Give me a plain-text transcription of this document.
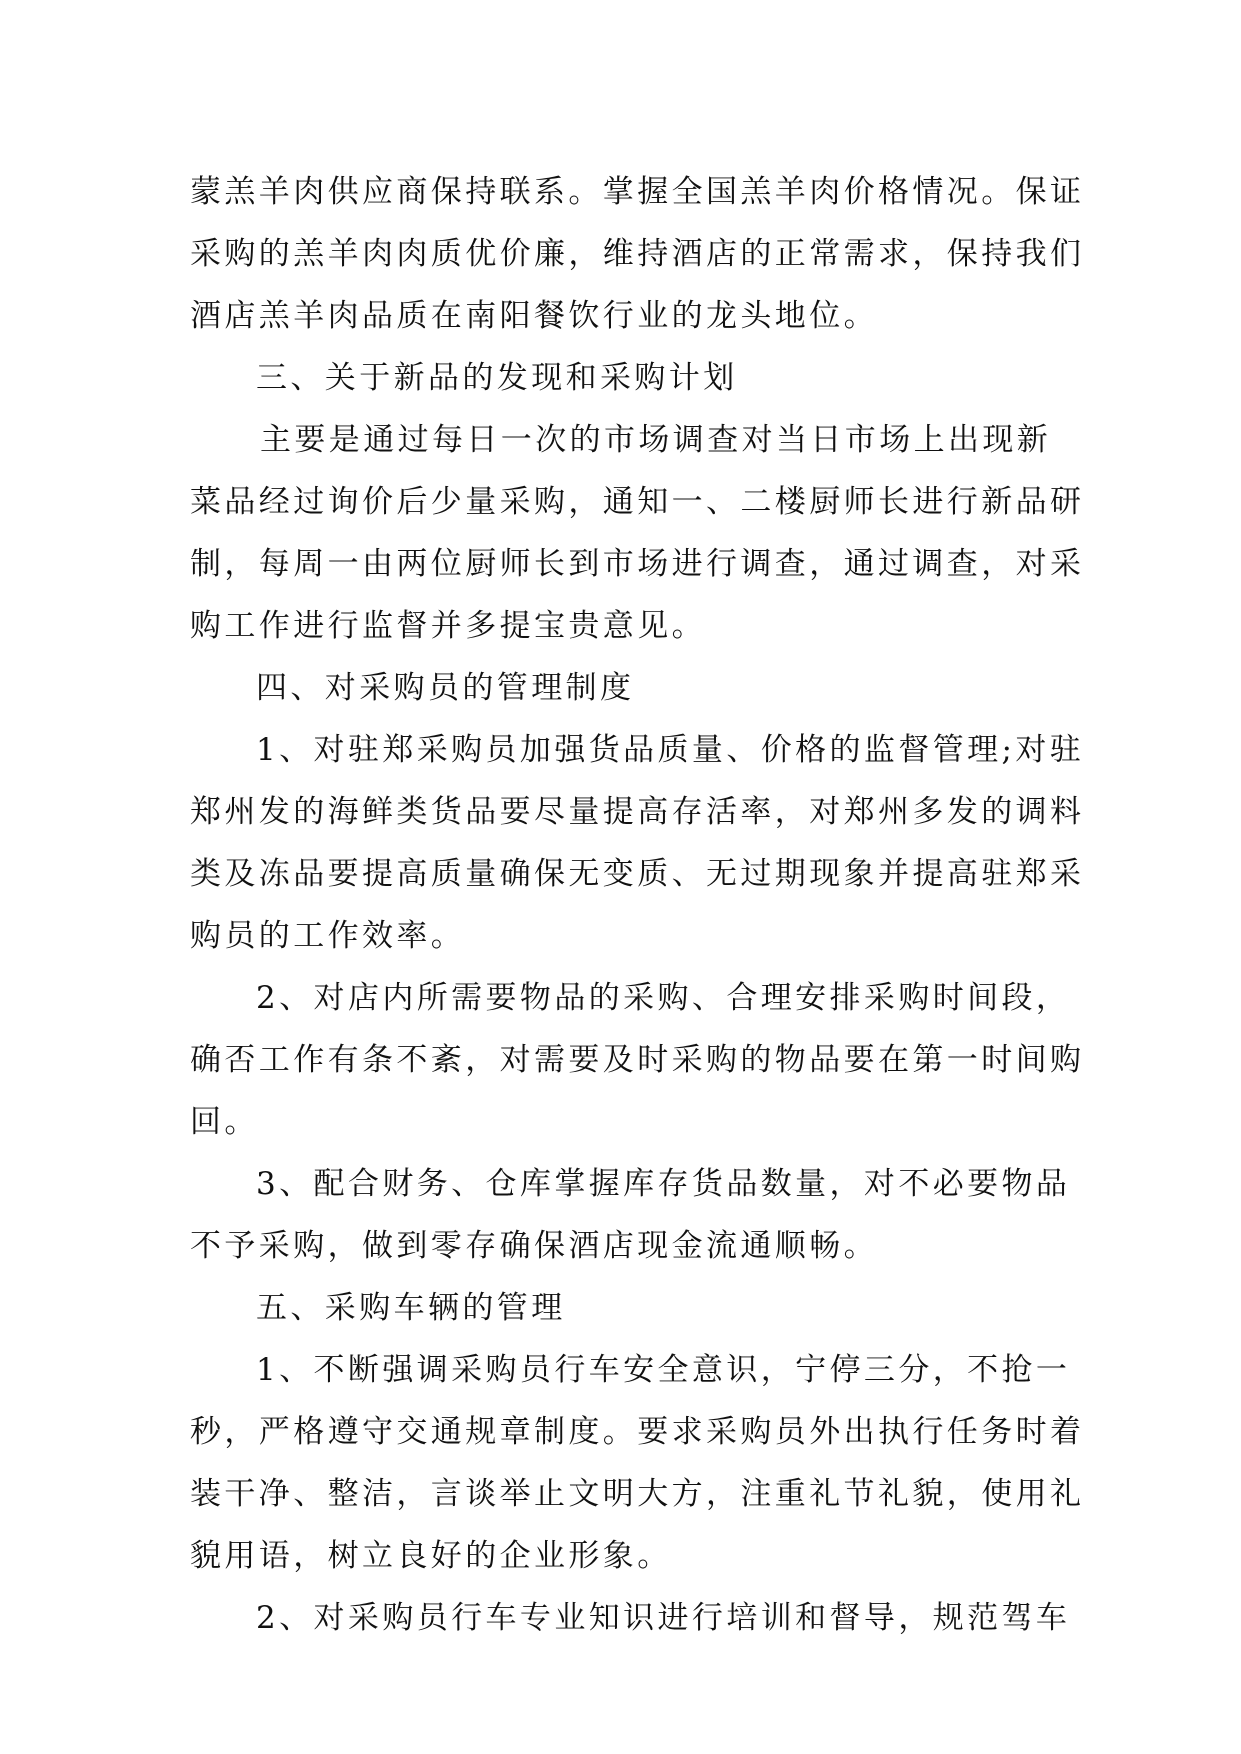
蒙羔羊肉供应商保持联系。掌握全国羔羊肉价格情况。保证
采购的羔羊肉肉质优价廉，维持酒店的正常需求，保持我们
酒店羔羊肉品质在南阳餐饮行业的龙头地位。
三、关于新品的发现和采购计划
主要是通过每日一次的市场调查对当日市场上出现新
菜品经过询价后少量采购，通知一、二楼厨师长进行新品研
制，每周一由两位厨师长到市场进行调查，通过调查，对采
购工作进行监督并多提宝贵意见。
四、对采购员的管理制度
1、对驻郑采购员加强货品质量、价格的监督管理;对驻
郑州发的海鲜类货品要尽量提高存活率，对郑州多发的调料
类及冻品要提高质量确保无变质、无过期现象并提高驻郑采
购员的工作效率。
2、对店内所需要物品的采购、合理安排采购时间段，
确否工作有条不紊，对需要及时采购的物品要在第一时间购
回。
3、配合财务、仓库掌握库存货品数量，对不必要物品
不予采购，做到零存确保酒店现金流通顺畅。
五、采购车辆的管理
1、不断强调采购员行车安全意识，宁停三分，不抢一
秒，严格遵守交通规章制度。要求采购员外出执行任务时着
装干净、整洁，言谈举止文明大方，注重礼节礼貌，使用礼
貌用语，树立良好的企业形象。
2、对采购员行车专业知识进行培训和督导，规范驾车
